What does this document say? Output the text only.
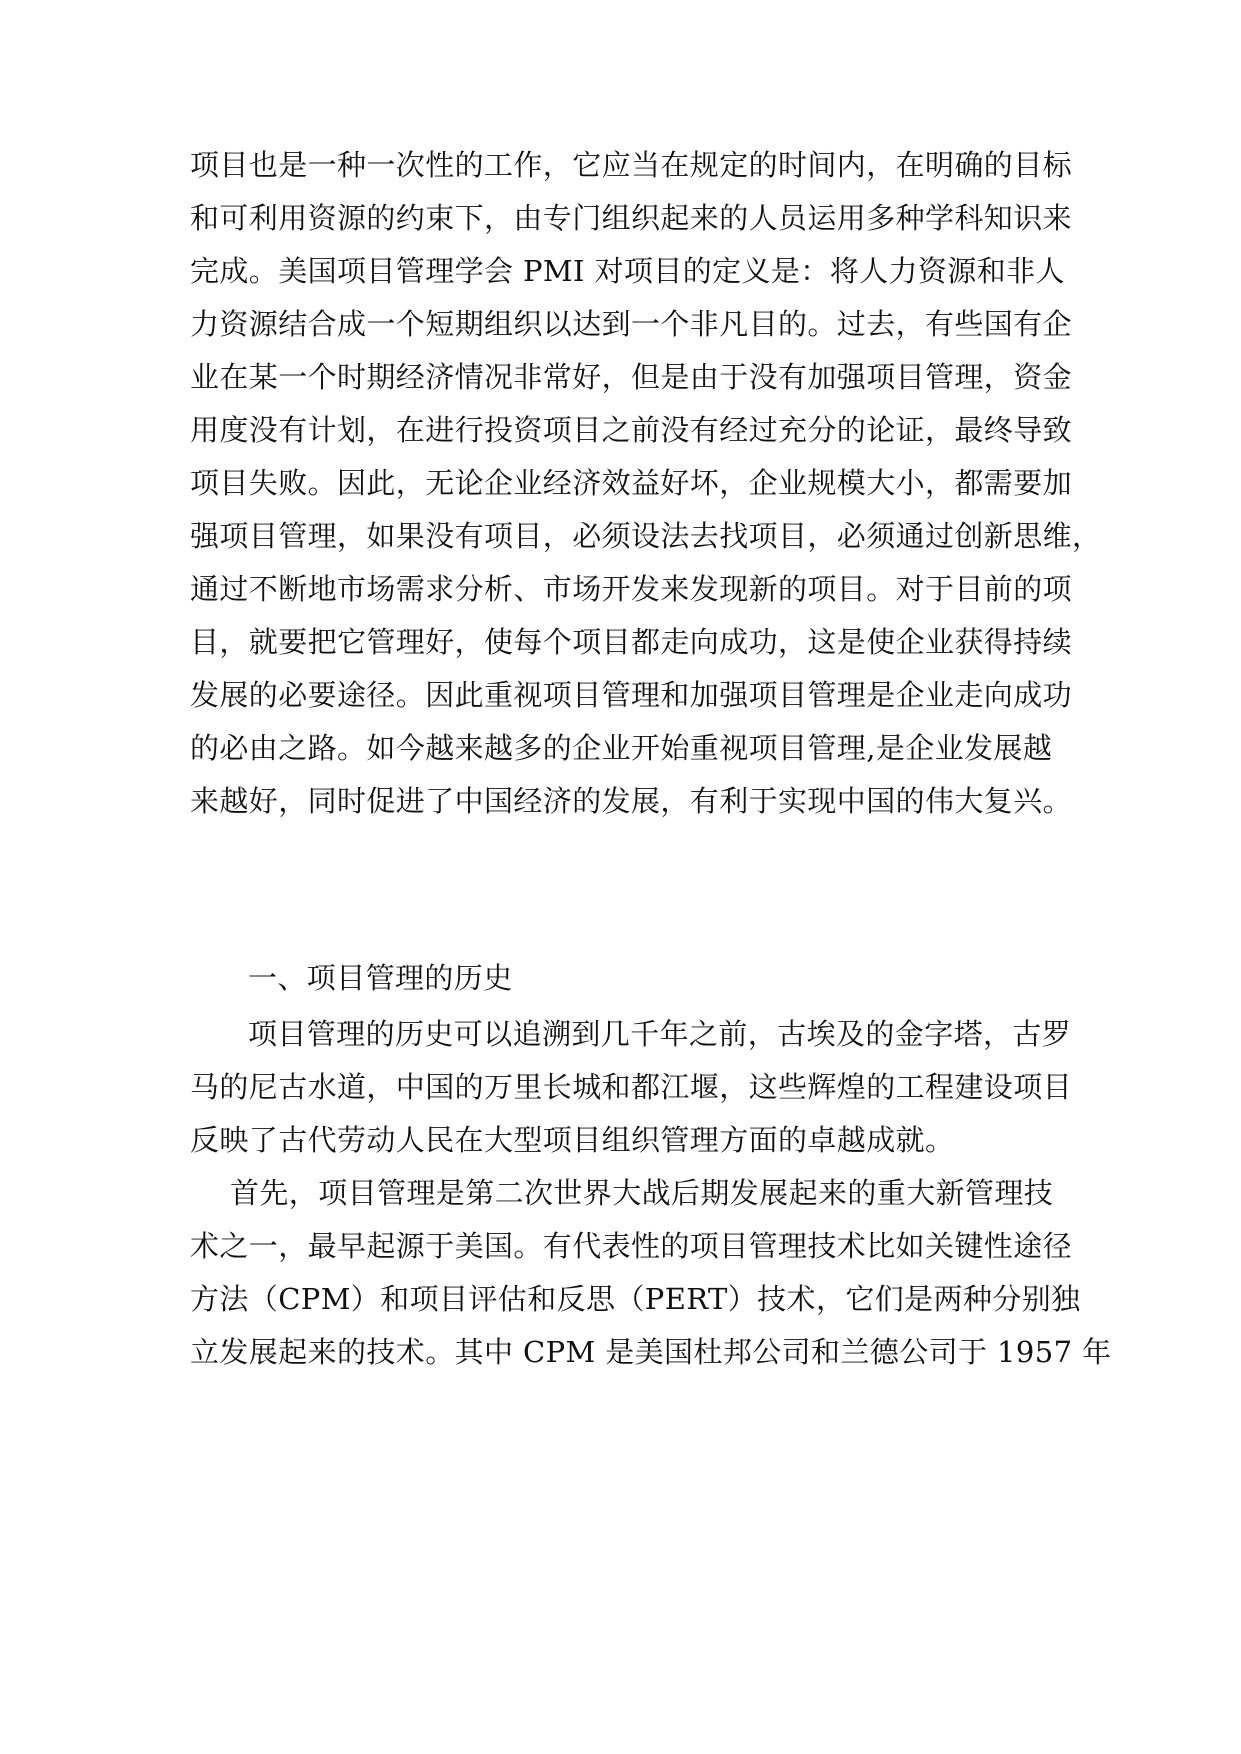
项目也是一种一次性的工作，它应当在规定的时间内，在明确的目标
和可利用资源的约束下，由专门组织起来的人员运用多种学科知识来
完成。美国项目管理学会 PMI 对项目的定义是：将人力资源和非人
力资源结合成一个短期组织以达到一个非凡目的。过去，有些国有企
业在某一个时期经济情况非常好，但是由于没有加强项目管理，资金
用度没有计划，在进行投资项目之前没有经过充分的论证，最终导致
项目失败。因此，无论企业经济效益好坏，企业规模大小，都需要加
强项目管理，如果没有项目，必须设法去找项目，必须通过创新思维，
通过不断地市场需求分析、市场开发来发现新的项目。对于目前的项
目，就要把它管理好，使每个项目都走向成功，这是使企业获得持续
发展的必要途径。因此重视项目管理和加强项目管理是企业走向成功
的必由之路。如今越来越多的企业开始重视项目管理,是企业发展越
来越好，同时促进了中国经济的发展，有利于实现中国的伟大复兴。
一、项目管理的历史
项目管理的历史可以追溯到几千年之前，古埃及的金字塔，古罗
马的尼古水道，中国的万里长城和都江堰，这些辉煌的工程建设项目
反映了古代劳动人民在大型项目组织管理方面的卓越成就。
首先，项目管理是第二次世界大战后期发展起来的重大新管理技
术之一，最早起源于美国。有代表性的项目管理技术比如关键性途径
方法（CPM）和项目评估和反思（PERT）技术，它们是两种分别独
立发展起来的技术。其中 CPM 是美国杜邦公司和兰德公司于 1957 年
